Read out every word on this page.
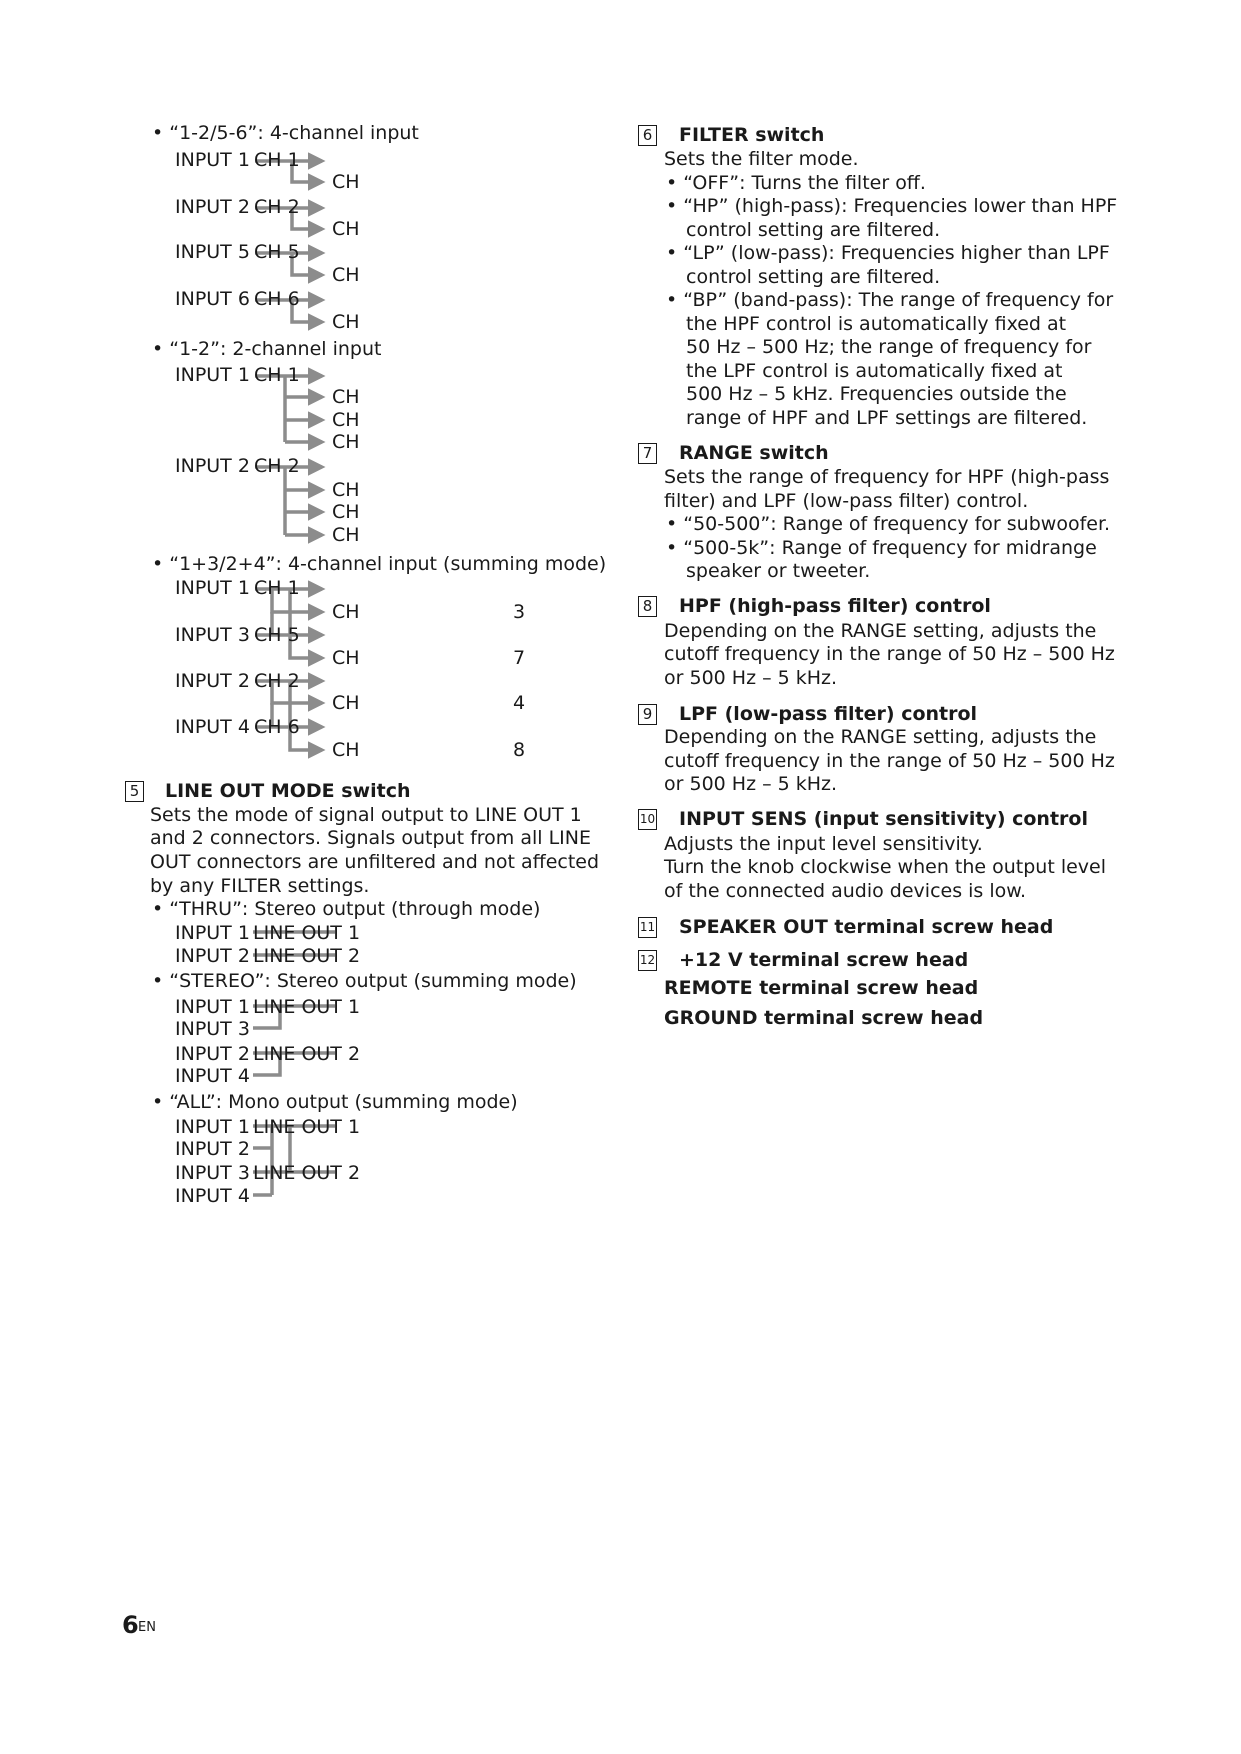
• “1-2/5-6”: 4-channel input
INPUT 1 CH 1
CH
INPUT 2 CH 2
CH
INPUT 5 CH 5
CH
INPUT 6 CH 6
CH
• “1-2”: 2-channel input
INPUT 1 CH 1
CH
CH
CH
INPUT 2 CH 2
CH
CH
CH
• “1+3/2+4”: 4-channel input (summing mode)
INPUT 1 CH 1
CH	3
INPUT 3 CH 5
CH	7
INPUT 2 CH 2
CH	4
INPUT 4 CH 6
CH	8
5 LINE OUT MODE switch
Sets the mode of signal output to LINE OUT 1
and 2 connectors. Signals output from all LINE
OUT connectors are unfiltered and not affected
by any FILTER settings.
• “THRU”: Stereo output (through mode)
INPUT 1 LINE OUT 1
INPUT 2 LINE OUT 2
• “STEREO”: Stereo output (summing mode)
INPUT 1 LINE OUT 1
INPUT 3
INPUT 2 LINE OUT 2
INPUT 4
• “ALL”: Mono output (summing mode)
INPUT 1 LINE OUT 1
INPUT 2
INPUT 3 LINE OUT 2
INPUT 4
6 FILTER switch
Sets the filter mode.
• “OFF”: Turns the filter off.
• “HP” (high-pass): Frequencies lower than HPF
control setting are filtered.
• “LP” (low-pass): Frequencies higher than LPF
control setting are filtered.
• “BP” (band-pass): The range of frequency for
the HPF control is automatically fixed at
50 Hz – 500 Hz; the range of frequency for
the LPF control is automatically fixed at
500 Hz – 5 kHz. Frequencies outside the
range of HPF and LPF settings are filtered.
7 RANGE switch
Sets the range of frequency for HPF (high-pass
filter) and LPF (low-pass filter) control.
• “50-500”: Range of frequency for subwoofer.
• “500-5k”: Range of frequency for midrange
speaker or tweeter.
8 HPF (high-pass filter) control
Depending on the RANGE setting, adjusts the
cutoff frequency in the range of 50 Hz – 500 Hz
or 500 Hz – 5 kHz.
9 LPF (low-pass filter) control
Depending on the RANGE setting, adjusts the
cutoff frequency in the range of 50 Hz – 500 Hz
or 500 Hz – 5 kHz.
10 INPUT SENS (input sensitivity) control
Adjusts the input level sensitivity.
Turn the knob clockwise when the output level
of the connected audio devices is low.
11 SPEAKER OUT terminal screw head
12 +12 V terminal screw head
REMOTE terminal screw head
GROUND terminal screw head
6 EN
